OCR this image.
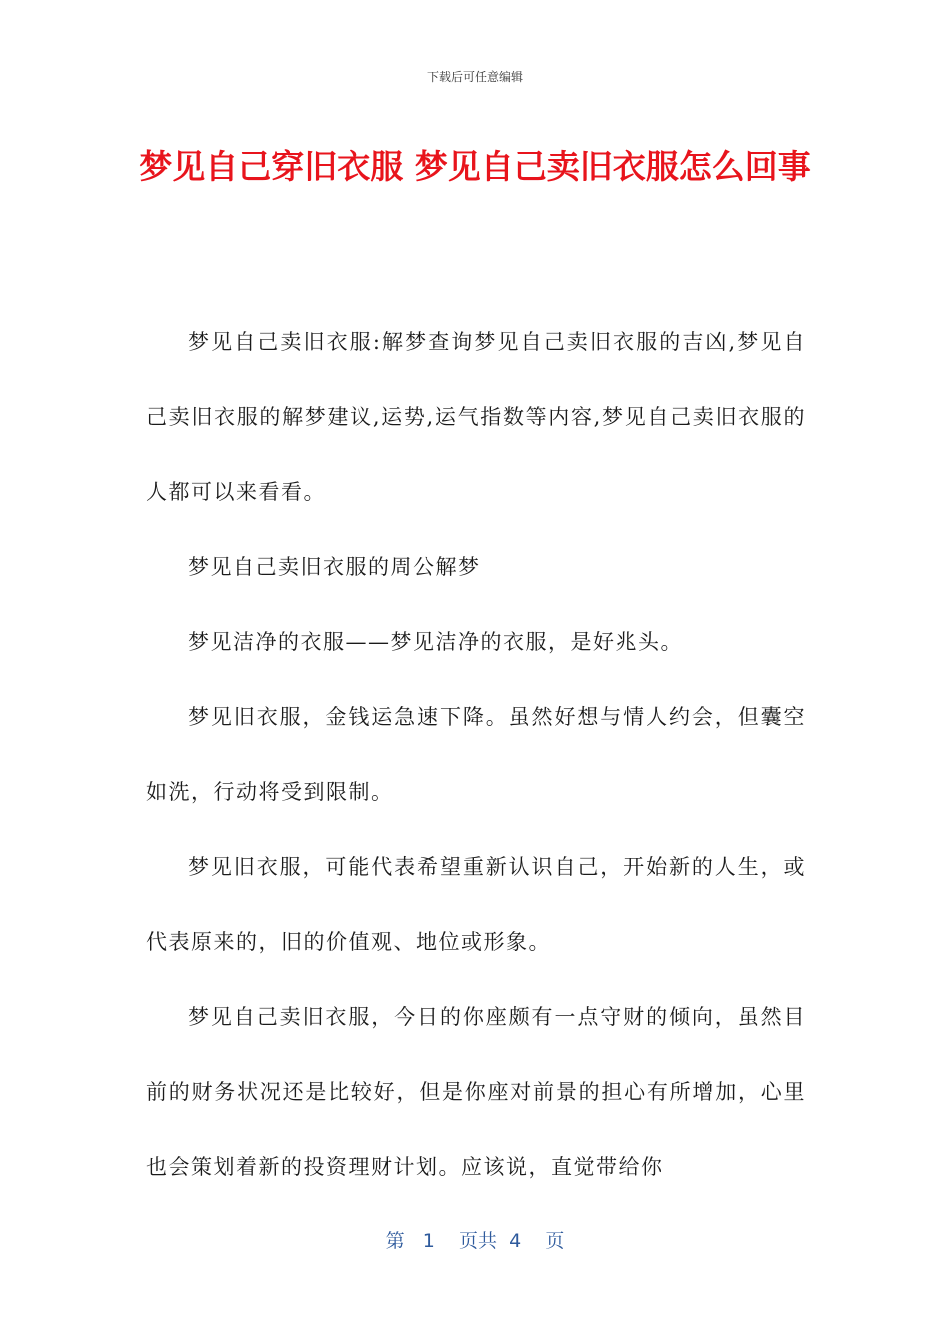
下载后可任意编辑
梦见自己穿旧衣服 梦见自己卖旧衣服怎么回事

梦见自己卖旧衣服:解梦查询梦见自己卖旧衣服的吉凶,梦见自己卖旧衣服的解梦建议,运势,运气指数等内容,梦见自己卖旧衣服的人都可以来看看。

梦见自己卖旧衣服的周公解梦

梦见洁净的衣服——梦见洁净的衣服，是好兆头。

梦见旧衣服，金钱运急速下降。虽然好想与情人约会，但囊空如洗，行动将受到限制。

梦见旧衣服，可能代表希望重新认识自己，开始新的人生，或代表原来的，旧的价值观、地位或形象。

梦见自己卖旧衣服，今日的你座颇有一点守财的倾向，虽然目前的财务状况还是比较好，但是你座对前景的担心有所增加，心里也会策划着新的投资理财计划。应该说，直觉带给你

第 1 页共 4 页
